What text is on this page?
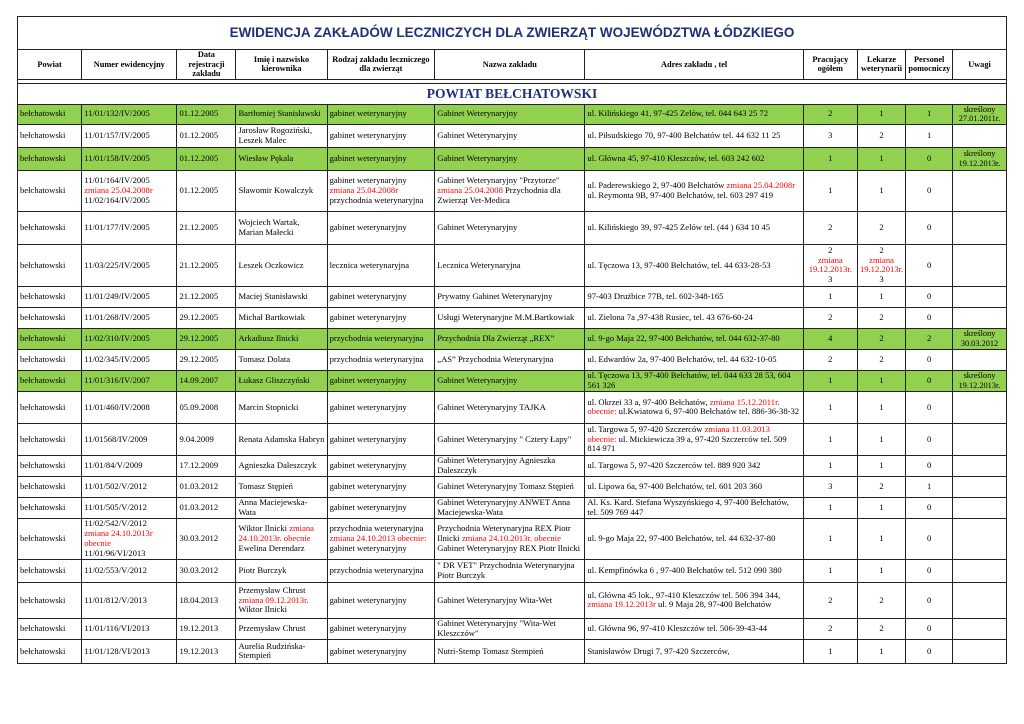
EWIDENCJA ZAKŁADÓW LECZNICZYCH DLA ZWIERZĄT WOJEWÓDZTWA ŁÓDZKIEGO										
Powiat	Numer ewidencyjny	Data rejestracji zakładu	Imię i nazwisko kierownika	Rodzaj zakładu leczniczego dla zwierząt	Nazwa zakładu	Adres zakładu , tel	Pracujący ogółem	Lekarze weterynarii	Personel pomocniczy	Uwagi

POWIAT BEŁCHATOWSKI										
bełchatowski	11/01/132/IV/2005	01.12.2005	Bartłomiej Stanisławski	gabinet weterynaryjny	Gabinet Weterynaryjny	ul. Kilińskiego 41, 97-425 Zelów, tel. 044 643 25 72	2	1	1	skreślony 27.01.2011r.
bełchatowski	11/01/157/IV/2005	01.12.2005	Jarosław Rogoziński, Leszek Malec	gabinet weterynaryjny	Gabinet Weterynaryjny	ul. Piłsudskiego 70, 97-400 Bełchatów tel. 44 632 11 25	3	2	1	
bełchatowski	11/01/158/IV/2005	01.12.2005	Wiesław Pękala	gabinet weterynaryjny	Gabinet Weterynaryjny	ul. Główna 45, 97-410 Kleszczów, tel. 603 242 602	1	1	0	skreślony 19.12.2013r.
bełchatowski	11/01/164/IV/2005
zmiana 25.04.2008r
11/02/164/IV/2005	01.12.2005	Sławomir Kowalczyk	gabinet weterynaryjny zmiana 25.04.2008r przychodnia weterynaryjna	Gabinet Weterynaryjny "Przytorze" zmiana 25.04.2008 Przychodnia dla Zwierząt Vet-Medica	ul. Paderewskiego 2, 97-400 Bełchatów zmiana 25.04.2008r ul. Reymonta 9B, 97-400 Bełchatów, tel. 603 297 419	1	1	0	
bełchatowski	11/01/177/IV/2005	21.12.2005	Wojciech Wartak, Marian Małecki	gabinet weterynaryjny	Gabinet Weterynaryjny	ul. Kilińskiego 39, 97-425 Zelów tel. (44 ) 634 10 45	2	2	0	
bełchatowski	11/03/225/IV/2005	21.12.2005	Leszek Oczkowicz	lecznica weterynaryjna	Lecznica Weterynaryjna	ul. Tęczowa 13, 97-400 Bełchatów, tel. 44 633-28-53	2
zmiana 19.12.2013r.
3	2
zmiana 19.12.2013r.
3	0	
bełchatowski	11/01/249/IV/2005	21.12.2005	Maciej Stanisławski	gabinet weterynaryjny	Prywatny Gabinet Weterynaryjny	97-403 Drużbice 77B, tel. 602-348-165	1	1	0	
bełchatowski	11/01/268/IV/2005	29.12.2005	Michał Bartkowiak	gabinet weterynaryjny	Usługi Weterynaryjne M.M.Bartkowiak	ul. Zielona 7a ,97-438 Rusiec, tel. 43 676-60-24	2	2	0	
bełchatowski	11/02/310/IV/2005	29.12.2005	Arkadiusz Ilnicki	przychodnia weterynaryjna	Przychodnia Dla Zwierząt „REX”	ul. 9-go Maja 22, 97-400 Bełchatów, tel. 044 632-37-80	4	2	2	skreślony 30.03.2012
bełchatowski	11/02/345/IV/2005	29.12.2005	Tomasz Dolata	przychodnia weterynaryjna	„AS” Przychodnia Weterynaryjna	ul. Edwardów 2a, 97-400 Bełchatów, tel. 44 632-10-05	2	2	0	
bełchatowski	11/01/316/IV/2007	14.09.2007	Łukasz Gliszczyński	gabinet weterynaryjny	Gabinet Weterynaryjny	ul. Tęczowa 13, 97-400 Bełchatów, tel. 044 633 28 53, 604 561 326	1	1	0	skreślony 19.12.2013r.
bełchatowski	11/01/460/IV/2008	05.09.2008	Marcin Stopnicki	gabinet weterynaryjny	Gabinet Weterynaryjny TAJKA	ul. Okrzei 33 a, 97-400 Bełchatów, zmiana 15.12.2011r. obecnie: ul.Kwiatowa 6, 97-400 Bełchatów tel. 886-36-38-32	1	1	0	
bełchatowski	11/01568/IV/2009	9.04.2009	Renata Adamska Habryn	gabinet weterynaryjny	Gabinet Weterynaryjny " Cztery Łapy"	ul. Targowa 5, 97-420 Szczerców zmiana 11.03.2013 obecnie: ul. Mickiewicza 39 a, 97-420 Szczerców tel. 509 814 971	1	1	0	
bełchatowski	11/01/84/V/2009	17.12.2009	Agnieszka Daleszczyk	gabinet weterynaryjny	Gabinet Weterynaryjny Agnieszka Daleszczyk	ul. Targowa 5, 97-420 Szczerców tel. 889 920 342	1	1	0	
bełchatowski	11/01/502/V/2012	01.03.2012	Tomasz Stępień	gabinet weterynaryjny	Gabinet Weterynaryjny Tomasz Stępień	ul. Lipowa 6a, 97-400 Bełchatów, tel. 601 203 360	3	2	1	
bełchatowski	11/01/505/V/2012	01.03.2012	Anna Maciejewska-Wata	gabinet weterynaryjny	Gabinet Weterynaryjny ANWET Anna Maciejewska-Wata	Al. Ks. Kard. Stefana Wyszyńskiego 4, 97-400 Bełchatów, tel. 509 769 447	1	1	0	
bełchatowski	11/02/542/V/2012
zmiana 24.10.2013r obecnie
11/01/96/VI/2013	30.03.2012	Wiktor Ilnicki zmiana 24.10.2013r. obecnie Ewelina Derendarz	przychodnia weterynaryjna zmiana 24.10.2013 obecnie: gabinet weterynaryjny	Przychodnia Weterynaryjna REX Piotr Ilnicki zmiana 24.10.2013r. obecnie Gabinet Weterynaryjny REX Piotr Ilnicki	ul. 9-go Maja 22, 97-400 Bełchatów, tel. 44 632-37-80	1	1	0	
bełchatowski	11/02/553/V/2012	30.03.2012	Piotr Burczyk	przychodnia weterynaryjna	" DR VET" Przychodnia Weterynaryjna Piotr Burczyk	ul. Kempfinówka 6 , 97-400 Bełchatów tel. 512 090 380	1	1	0	
bełchatowski	11/01/812/V/2013	18.04.2013	Przemysław Chrust zmiana 09.12.2013r. Wiktor Ilnicki	gabinet weterynaryjny	Gabinet Weterynaryjny Wita-Wet	ul. Główna 45 lok., 97-410 Kleszczów tel. 506 394 344, zmiana 19.12.2013r ul. 9 Maja 28, 97-400 Bełchatów	2	2	0	
bełchatowski	11/01/116/VI/2013	19.12.2013	Przemysław Chrust	gabinet weterynaryjny	Gabinet Weterynaryjny "Wita-Wet Kleszczów"	ul. Główna 96, 97-410 Kleszczów tel. 506-39-43-44	2	2	0	
bełchatowski	11/01/128/VI/2013	19.12.2013	Aurelia Rudzińska-Stempień	gabinet weterynaryjny	Nutri-Stemp Tomasz Stempień	Stanisławów Drugi 7, 97-420 Szczerców,	1	1	0	
